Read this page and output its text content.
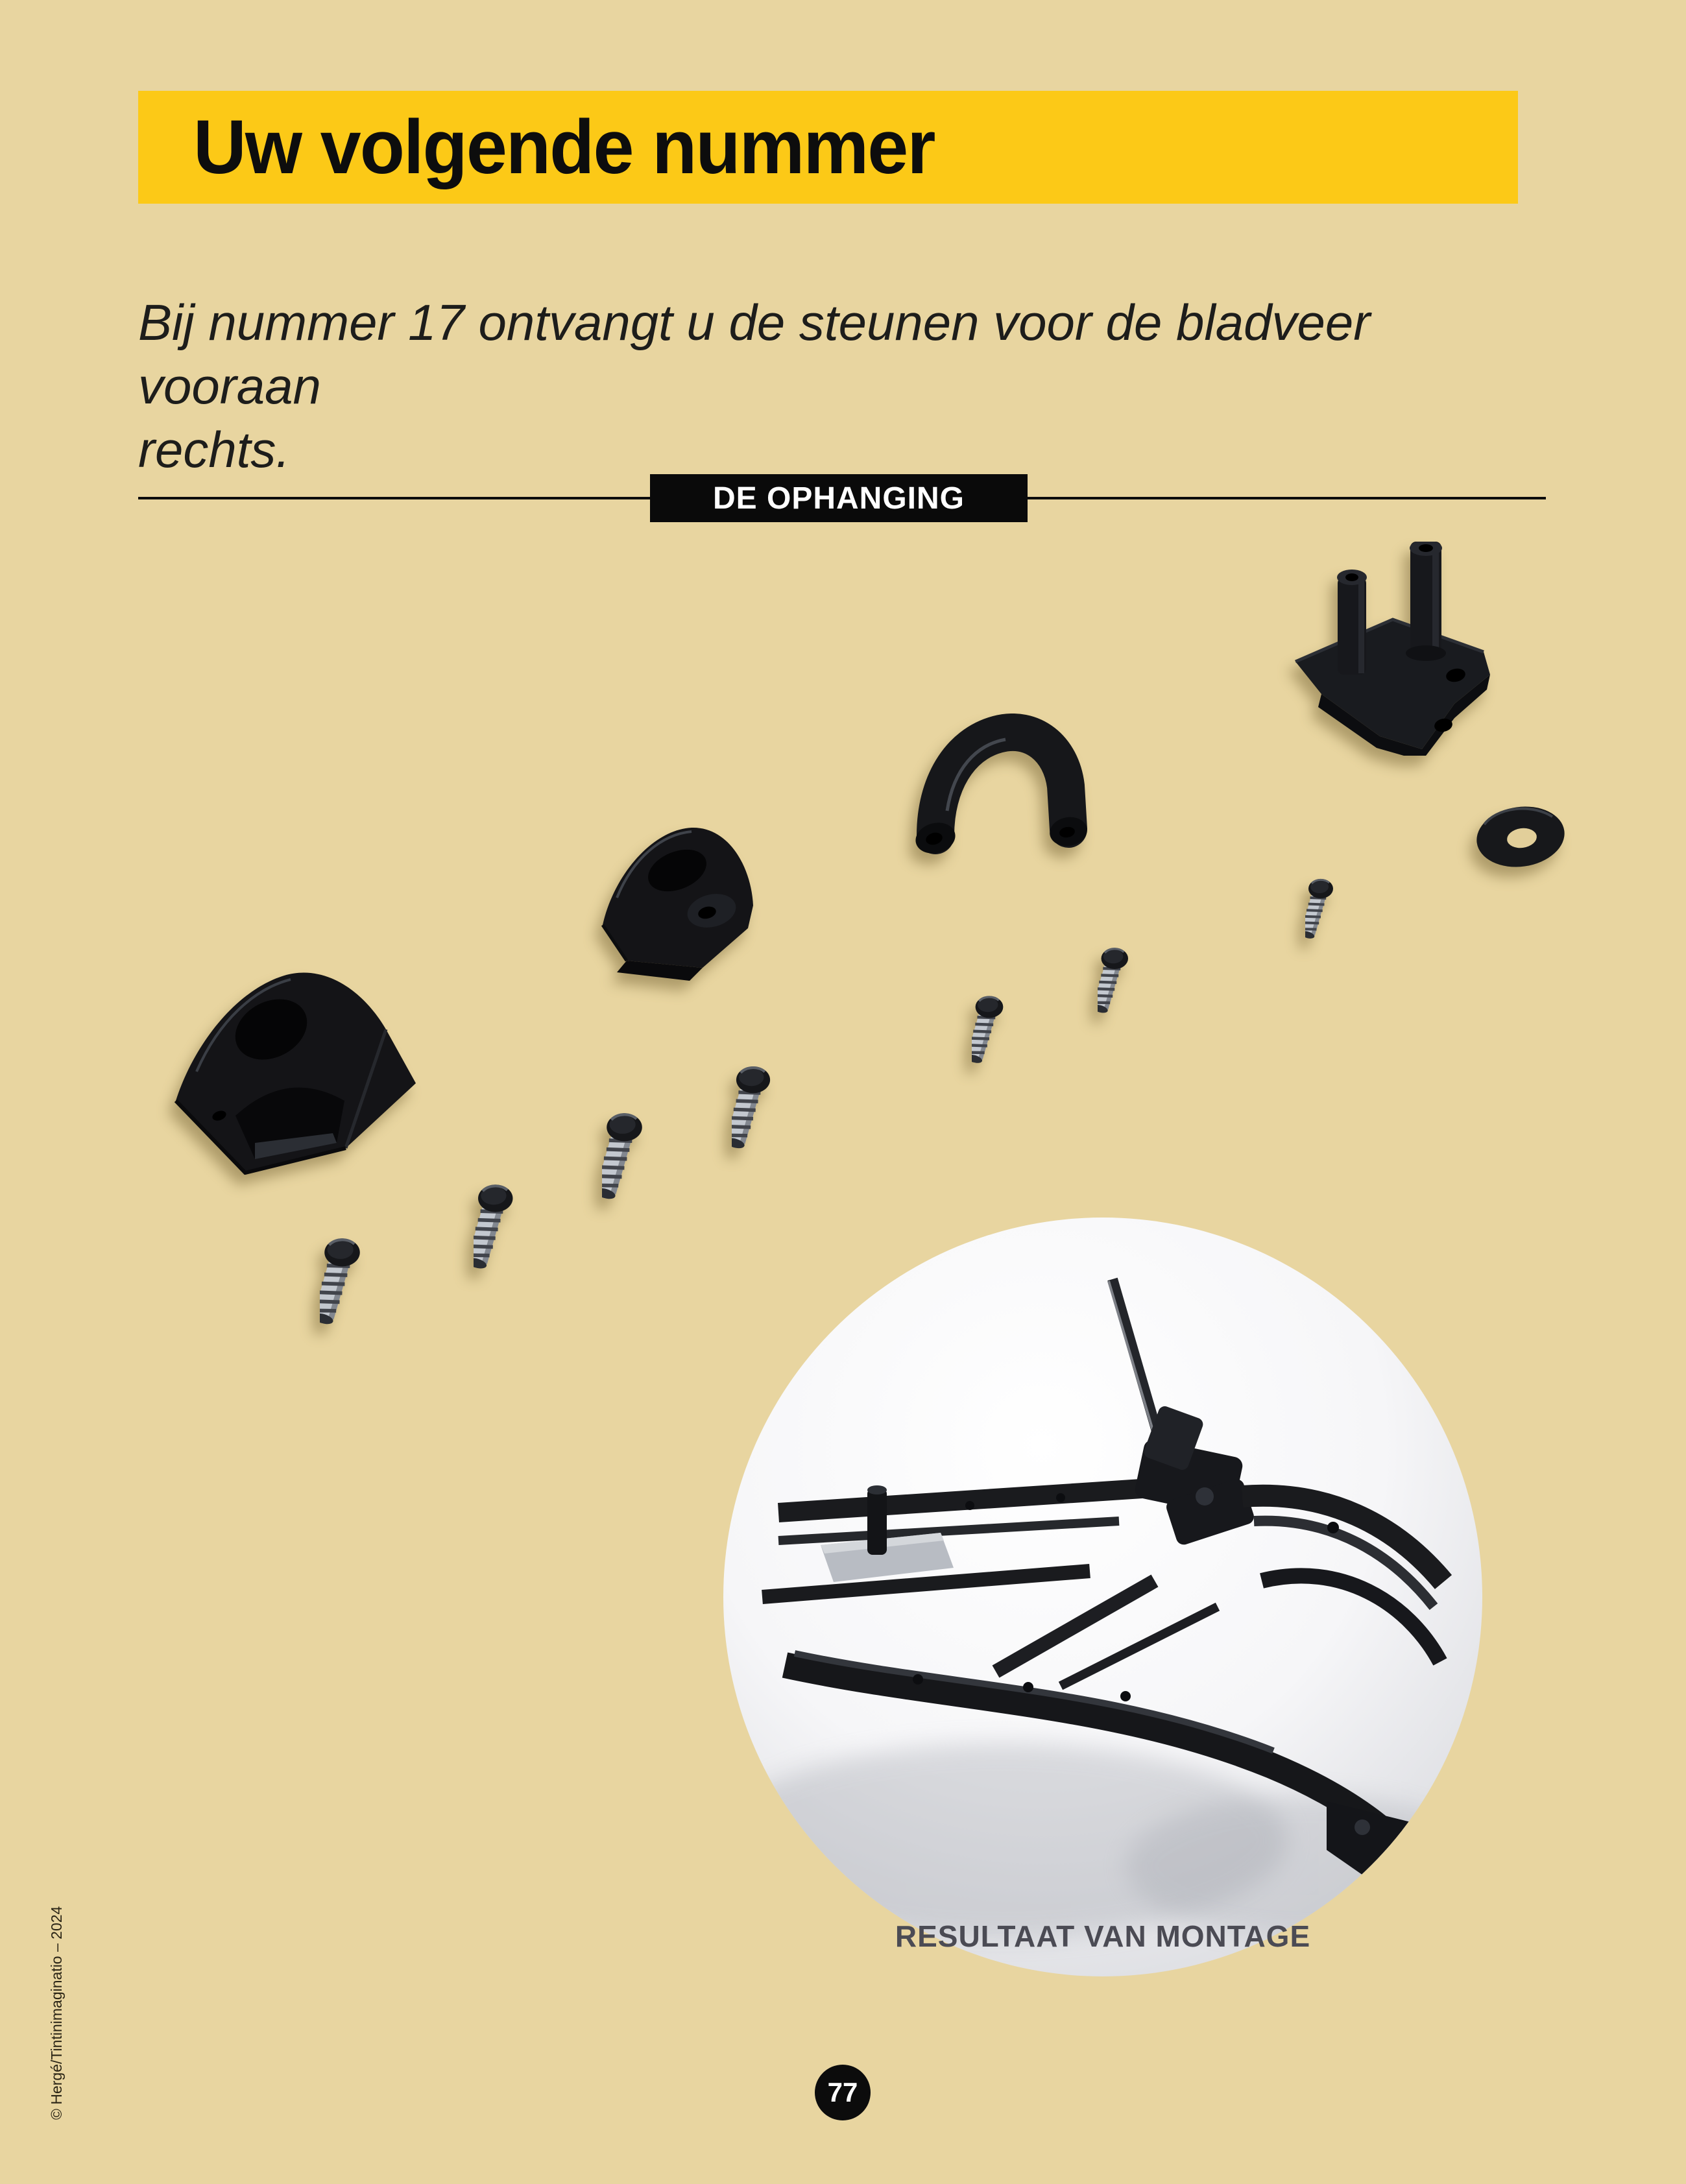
Uw volgende nummer
Bij nummer 17 ontvangt u de steunen voor de bladveer vooraan
rechts.
DE OPHANGING
RESULTAAT VAN MONTAGE
77
© Hergé/Tintinimaginatio – 2024
